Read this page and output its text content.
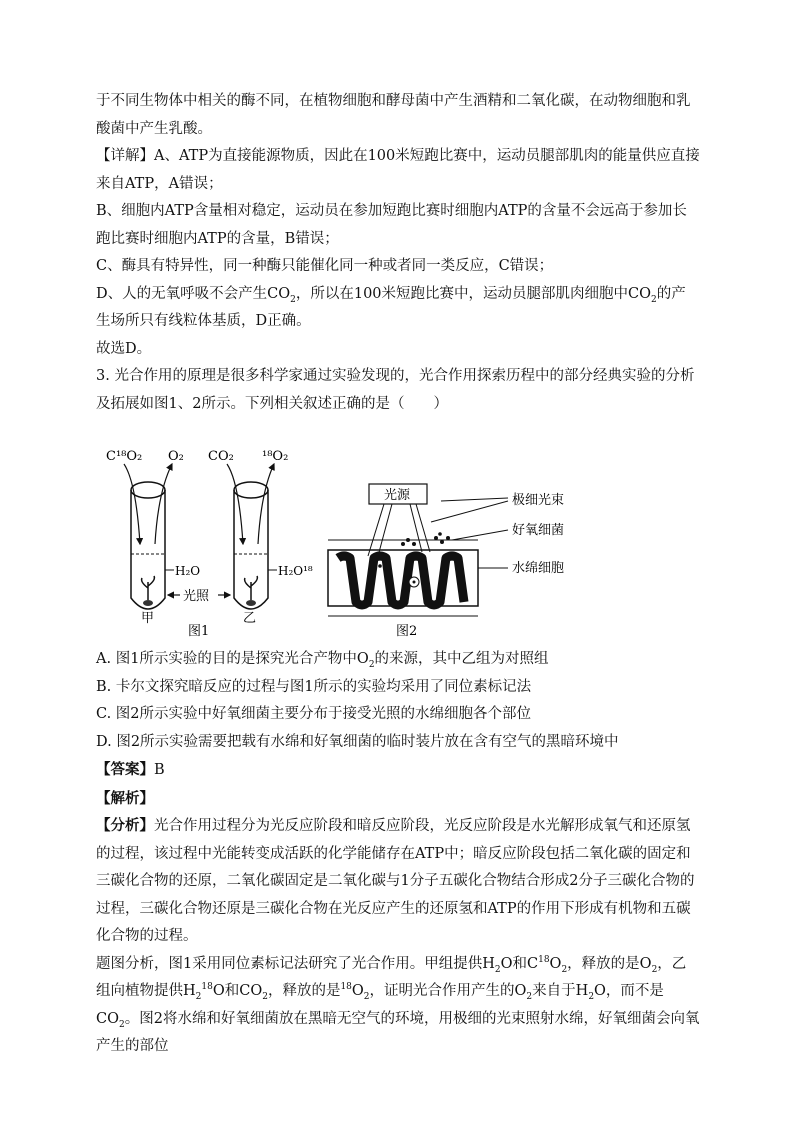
于不同生物体中相关的酶不同，在植物细胞和酵母菌中产生酒精和二氧化碳，在动物细胞和乳酸菌中产生乳酸。

【详解】A、ATP为直接能源物质，因此在100米短跑比赛中，运动员腿部肌肉的能量供应直接来自ATP，A错误；

B、细胞内ATP含量相对稳定，运动员在参加短跑比赛时细胞内ATP的含量不会远高于参加长跑比赛时细胞内ATP的含量，B错误；

C、酶具有特异性，同一种酶只能催化同一种或者同一类反应，C错误；

D、人的无氧呼吸不会产生$CO_2$，所以在100米短跑比赛中，运动员腿部肌肉细胞中$CO_2$的产生场所只有线粒体基质，D正确。

故选D。

3. 光合作用的原理是很多科学家通过实验发现的，光合作用探索历程中的部分经典实验的分析及拓展如图1、2所示。下列相关叙述正确的是（　　）

C¹⁸O₂ O₂ CO₂ ¹⁸O₂
H₂O	H₂O¹⁸
光照
甲	乙
图1
光源	极细光束
好氧细菌
水绵细胞
图2

A. 图1所示实验的目的是探究光合产物中$O_2$的来源，其中乙组为对照组

B. 卡尔文探究暗反应的过程与图1所示的实验均采用了同位素标记法

C. 图2所示实验中好氧细菌主要分布于接受光照的水绵细胞各个部位

D. 图2所示实验需要把载有水绵和好氧细菌的临时装片放在含有空气的黑暗环境中

【答案】B

【解析】

【分析】光合作用过程分为光反应阶段和暗反应阶段，光反应阶段是水光解形成氧气和还原氢的过程，该过程中光能转变成活跃的化学能储存在ATP中；暗反应阶段包括二氧化碳的固定和三碳化合物的还原，二氧化碳固定是二氧化碳与1分子五碳化合物结合形成2分子三碳化合物的过程，三碳化合物还原是三碳化合物在光反应产生的还原氢和ATP的作用下形成有机物和五碳化合物的过程。

题图分析，图1采用同位素标记法研究了光合作用。甲组提供$H_2O$和$C^{18}O_2$，释放的是$O_2$，乙组向植物提供$H_2^{18}O$和$CO_2$，释放的是$^{18}O_2$，证明光合作用产生的$O_2$来自于$H_2O$，而不是$CO_2$。图2将水绵和好氧细菌放在黑暗无空气的环境，用极细的光束照射水绵，好氧细菌会向氧产生的部位
